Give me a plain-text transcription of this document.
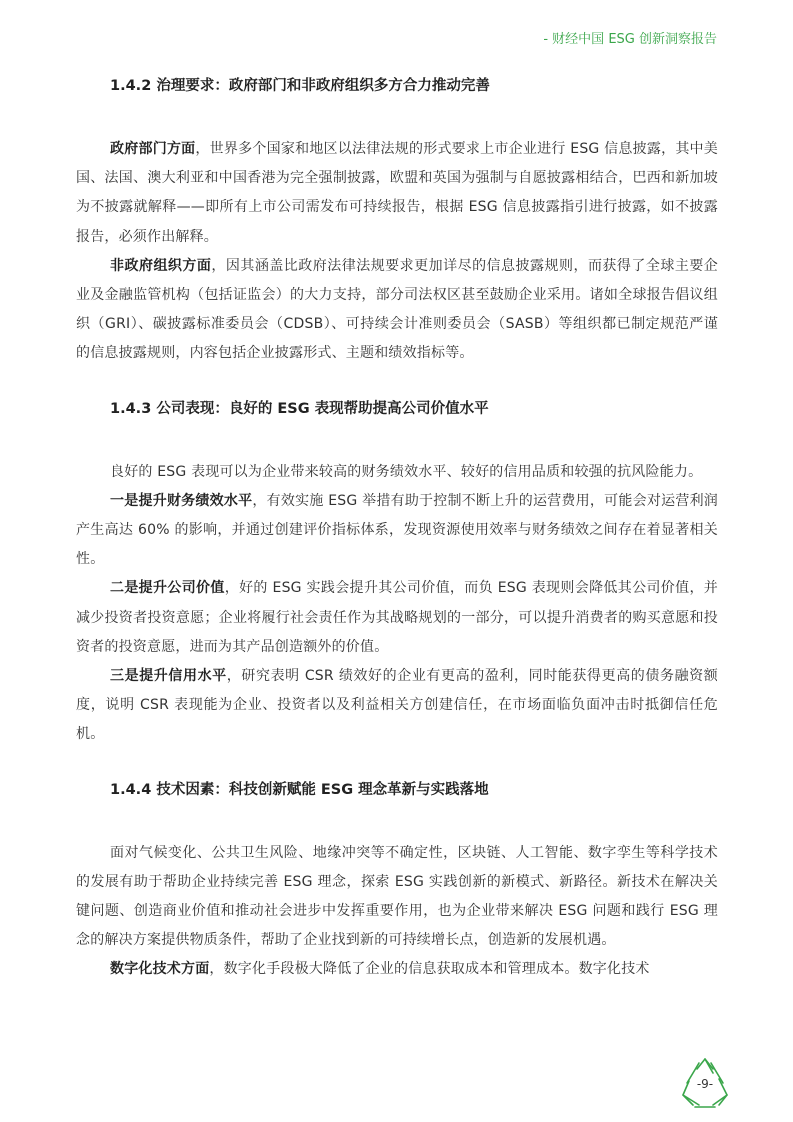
- 财经中国 ESG 创新洞察报告
1.4.2 治理要求：政府部门和非政府组织多方合力推动完善

政府部门方面，世界多个国家和地区以法律法规的形式要求上市企业进行 ESG 信息披露，其中美国、法国、澳大利亚和中国香港为完全强制披露，欧盟和英国为强制与自愿披露相结合，巴西和新加坡为不披露就解释——即所有上市公司需发布可持续报告，根据 ESG 信息披露指引进行披露，如不披露报告，必须作出解释。

非政府组织方面，因其涵盖比政府法律法规要求更加详尽的信息披露规则，而获得了全球主要企业及金融监管机构（包括证监会）的大力支持，部分司法权区甚至鼓励企业采用。诸如全球报告倡议组织（GRI）、碳披露标准委员会（CDSB）、可持续会计准则委员会（SASB）等组织都已制定规范严谨的信息披露规则，内容包括企业披露形式、主题和绩效指标等。

1.4.3 公司表现：良好的 ESG 表现帮助提高公司价值水平

良好的 ESG 表现可以为企业带来较高的财务绩效水平、较好的信用品质和较强的抗风险能力。

一是提升财务绩效水平，有效实施 ESG 举措有助于控制不断上升的运营费用，可能会对运营利润产生高达 60% 的影响，并通过创建评价指标体系，发现资源使用效率与财务绩效之间存在着显著相关性。

二是提升公司价值，好的 ESG 实践会提升其公司价值，而负 ESG 表现则会降低其公司价值，并减少投资者投资意愿；企业将履行社会责任作为其战略规划的一部分，可以提升消费者的购买意愿和投资者的投资意愿，进而为其产品创造额外的价值。

三是提升信用水平，研究表明 CSR 绩效好的企业有更高的盈利，同时能获得更高的债务融资额度，说明 CSR 表现能为企业、投资者以及利益相关方创建信任，在市场面临负面冲击时抵御信任危机。

1.4.4 技术因素：科技创新赋能 ESG 理念革新与实践落地

面对气候变化、公共卫生风险、地缘冲突等不确定性，区块链、人工智能、数字孪生等科学技术的发展有助于帮助企业持续完善 ESG 理念，探索 ESG 实践创新的新模式、新路径。新技术在解决关键问题、创造商业价值和推动社会进步中发挥重要作用，也为企业带来解决 ESG 问题和践行 ESG 理念的解决方案提供物质条件，帮助了企业找到新的可持续增长点，创造新的发展机遇。

数字化技术方面，数字化手段极大降低了企业的信息获取成本和管理成本。数字化技术

-9-
